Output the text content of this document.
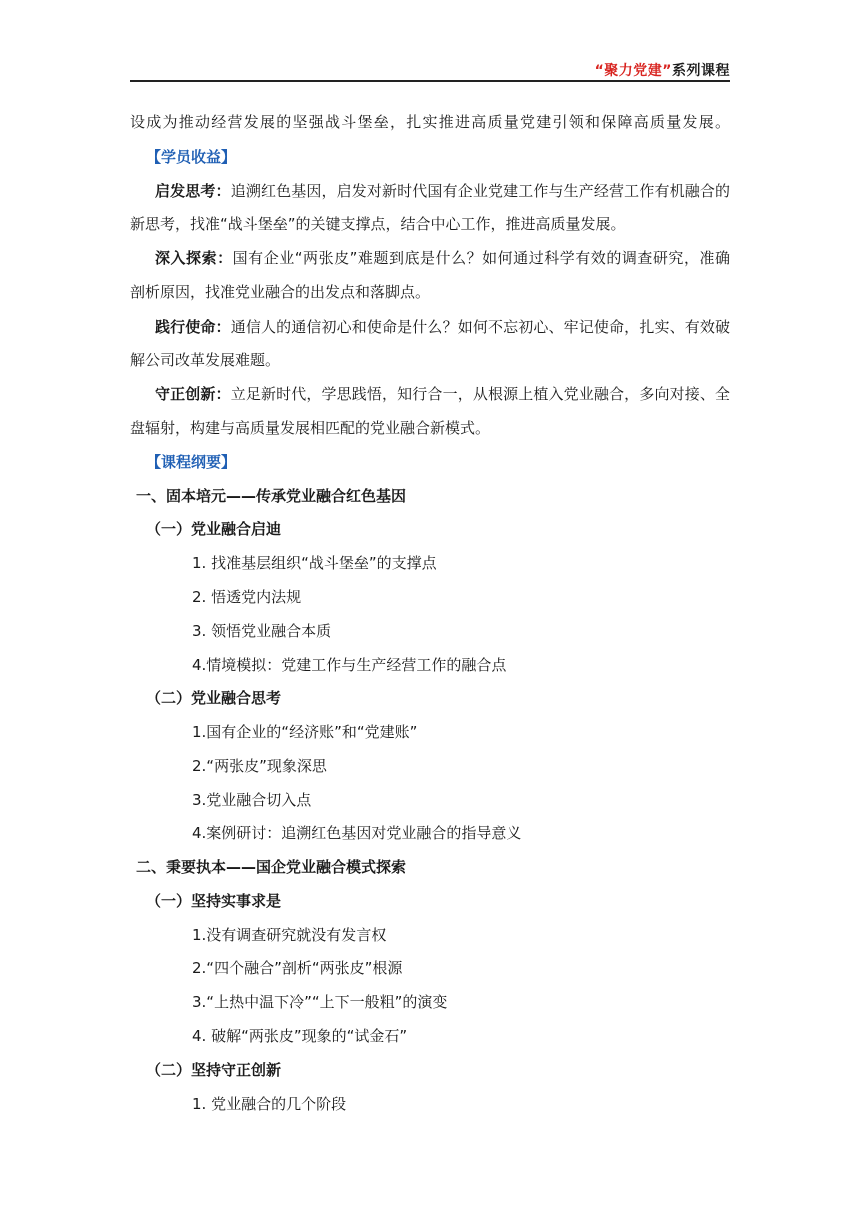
“聚力党建”系列课程
设成为推动经营发展的坚强战斗堡垒，扎实推进高质量党建引领和保障高质量发展。
【学员收益】
启发思考：追溯红色基因，启发对新时代国有企业党建工作与生产经营工作有机融合的
新思考，找准“战斗堡垒”的关键支撑点，结合中心工作，推进高质量发展。
深入探索：国有企业“两张皮”难题到底是什么？如何通过科学有效的调查研究，准确
剖析原因，找准党业融合的出发点和落脚点。
践行使命：通信人的通信初心和使命是什么？如何不忘初心、牢记使命，扎实、有效破
解公司改革发展难题。
守正创新：立足新时代，学思践悟，知行合一，从根源上植入党业融合，多向对接、全
盘辐射，构建与高质量发展相匹配的党业融合新模式。
【课程纲要】
一、固本培元——传承党业融合红色基因
（一）党业融合启迪
1. 找准基层组织“战斗堡垒”的支撑点
2. 悟透党内法规
3. 领悟党业融合本质
4.情境模拟：党建工作与生产经营工作的融合点
（二）党业融合思考
1.国有企业的“经济账”和“党建账”
2.“两张皮”现象深思
3.党业融合切入点
4.案例研讨：追溯红色基因对党业融合的指导意义
二、秉要执本——国企党业融合模式探索
（一）坚持实事求是
1.没有调查研究就没有发言权
2.“四个融合”剖析“两张皮”根源
3.“上热中温下冷”“上下一般粗”的演变
4. 破解“两张皮”现象的“试金石”
（二）坚持守正创新
1. 党业融合的几个阶段
